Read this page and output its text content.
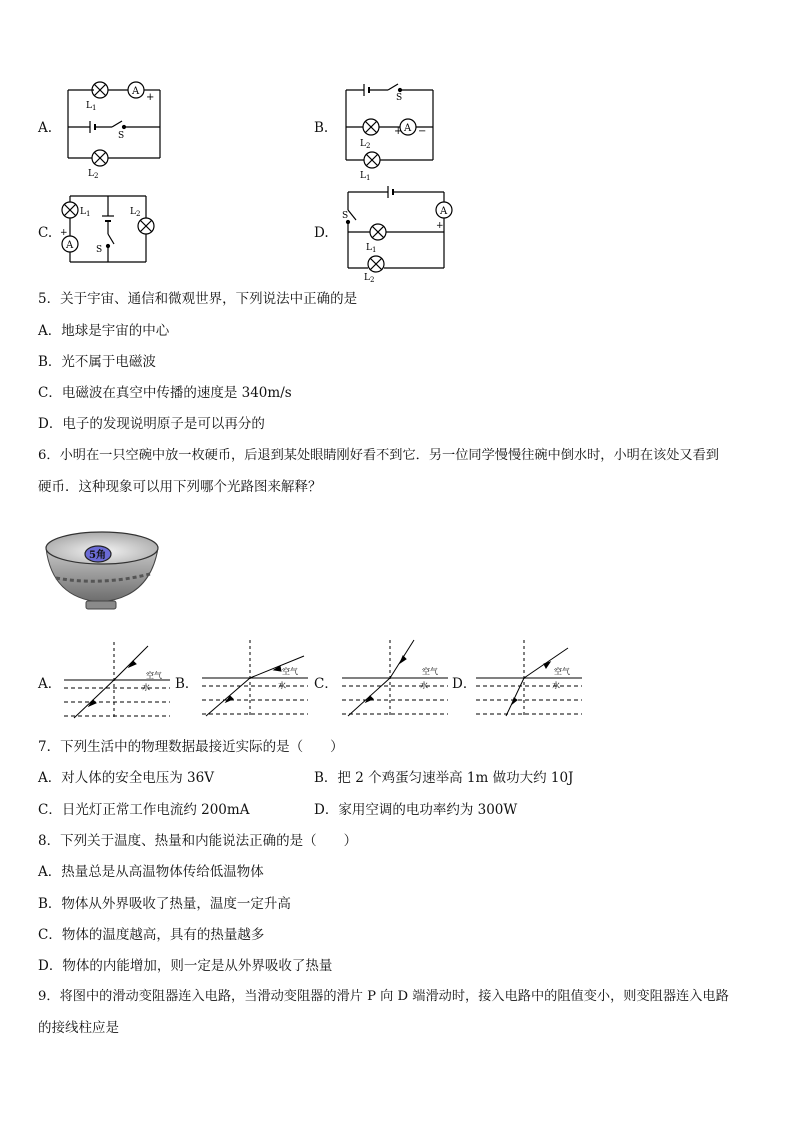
A.
A
+
L 1
S
L 2
B.	A
+ −
S
L 2
L 1
C.
A
L 1	L 2
S
+	D.
A
+
S
L 1
L 2
5．关于宇宙、通信和微观世界，下列说法中正确的是
A．地球是宇宙的中心
B．光不属于电磁波
C．电磁波在真空中传播的速度是 340m/s
D．电子的发现说明原子是可以再分的
6．小明在一只空碗中放一枚硬币，后退到某处眼睛刚好看不到它．另一位同学慢慢往碗中倒水时，小明在该处又看到
硬币．这种现象可以用下列哪个光路图来解释？
5角
A．
空气
水 B．
空气
水 C．
空气
水 D．
空气
水
7．下列生活中的物理数据最接近实际的是（　　）
A．对人体的安全电压为 36V	B．把 2 个鸡蛋匀速举高 1m 做功大约 10J
C．日光灯正常工作电流约 200mA	D．家用空调的电功率约为 300W
8．下列关于温度、热量和内能说法正确的是（　　）
A．热量总是从高温物体传给低温物体
B．物体从外界吸收了热量，温度一定升高
C．物体的温度越高，具有的热量越多
D．物体的内能增加，则一定是从外界吸收了热量
9．将图中的滑动变阻器连入电路，当滑动变阻器的滑片 P 向 D 端滑动时，接入电路中的阻值变小，则变阻器连入电路
的接线柱应是
